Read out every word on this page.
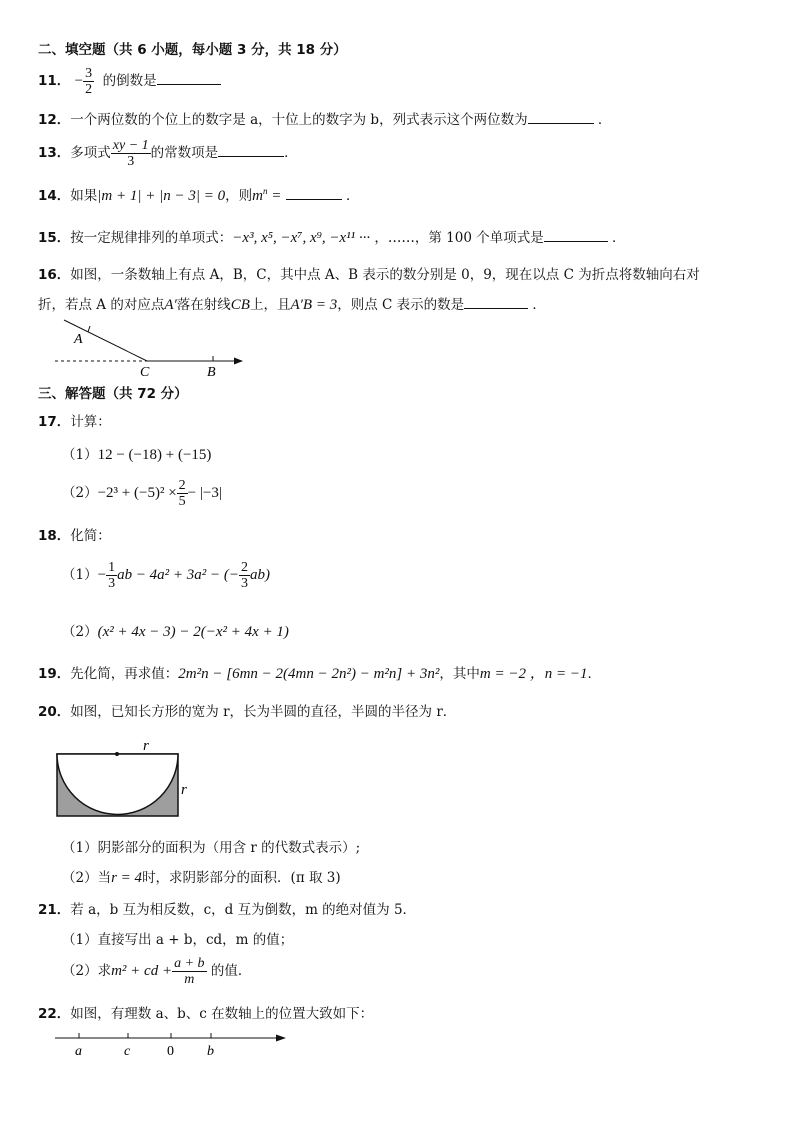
二、填空题（共 6 小题，每小题 3 分，共 18 分）
11． − $\frac{3}{2}$ 的倒数是
12．一个两位数的个位上的数字是 a，十位上的数字为 b，列式表示这个两位数为	．
13．多项式 $\frac{xy - 1}{3}$ 的常数项是	．
14．如果|m + 1| + |n − 3| = 0，则$m^n$ =	．
15．按一定规律排列的单项式：−x³, x⁵, −x⁷, x⁹, −x¹¹ ··· ，……，第 100 个单项式是	．
16．如图，一条数轴上有点 A，B，C，其中点 A、B 表示的数分别是 0，9，现在以点 C 为折点将数轴向右对
折，若点 A 的对应点A′落在射线CB上，且A′B = 3，则点 C 表示的数是	．
A
C	B
三、解答题（共 72 分）
17．计算：
（1）12 − (−18) + (−15)
$(2)-2^3 + (-5)^2 \times \frac{2}{5} - |-3|$
18．化简：
$(1)- \frac{1}{3}$ ab − 4a² + 3a² − (− $\frac{2}{3} ab$)
（2）(x² + 4x − 3) − 2(−x² + 4x + 1)
19．先化简，再求值：2m²n − [6mn − 2(4mn − 2n²) − m²n] + 3n²，其中m = −2 ，n = −1．
20．如图，已知长方形的宽为 r，长为半圆的直径，半圆的半径为 r．
r
r
（1）阴影部分的面积为（用含 r 的代数式表示）;
（2）当r = 4时，求阴影部分的面积．(π 取 3)
21．若 a，b 互为相反数，c，d 互为倒数，m 的绝对值为 5．
（1）直接写出 a + b，cd，m 的值；
（2）求m² + cd + $\frac{a + b}{m}$ 的值．
22．如图，有理数 a、b、c 在数轴上的位置大致如下：
a	c	0 b
